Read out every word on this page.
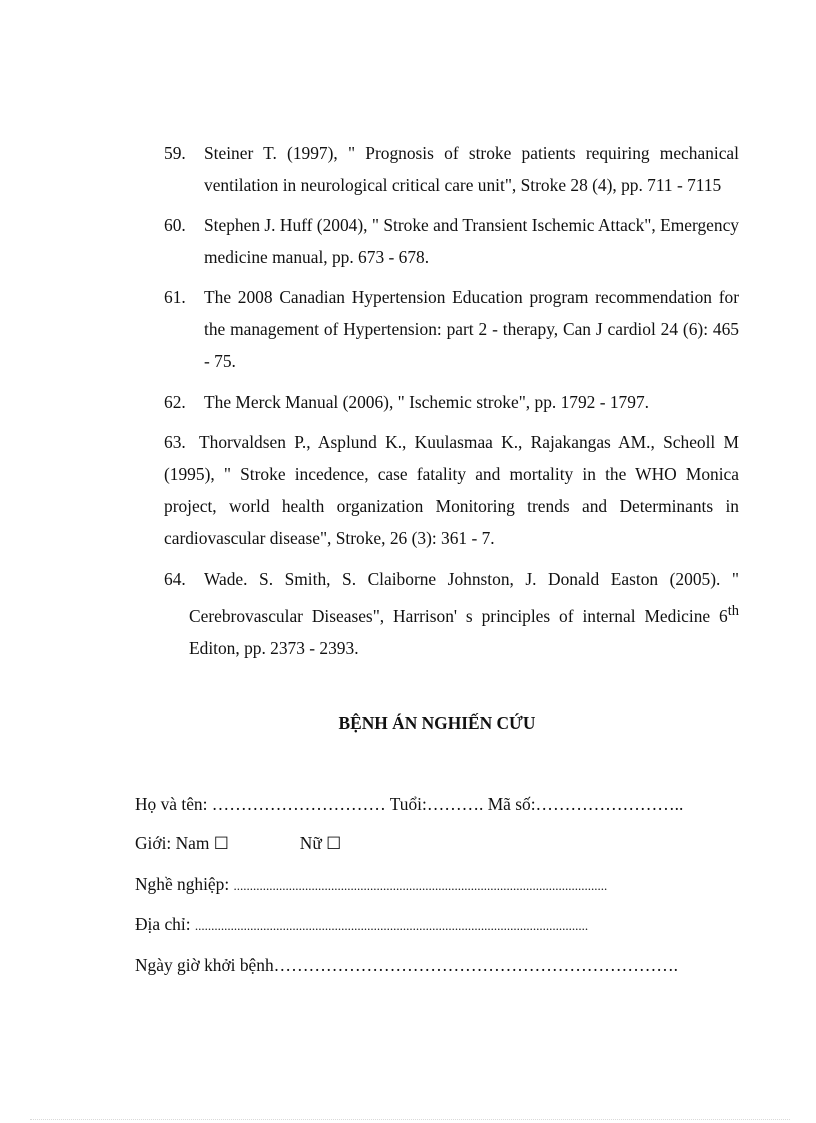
59. Steiner T. (1997), " Prognosis of stroke patients requiring mechanical ventilation in neurological critical care unit", Stroke 28 (4), pp. 711 - 7115
60. Stephen J. Huff (2004), " Stroke and Transient Ischemic Attack", Emergency medicine manual, pp. 673 - 678.
61. The 2008 Canadian Hypertension Education program recommendation for the management of Hypertension: part 2 - therapy, Can J cardiol 24 (6): 465 - 75.
62. The Merck Manual (2006), " Ischemic stroke", pp. 1792 - 1797.
63. Thorvaldsen P., Asplund K., Kuulasmaa K., Rajakangas AM., Scheoll M (1995), " Stroke incedence, case fatality and mortality in the WHO Monica project, world health organization Monitoring trends and Determinants in cardiovascular disease", Stroke, 26 (3): 361 - 7.
64. Wade. S. Smith, S. Claiborne Johnston, J. Donald Easton (2005). " Cerebrovascular Diseases", Harrison' s principles of internal Medicine 6th Editon, pp. 2373 - 2393.
BỆNH ÁN NGHIẾN CỨU
Họ và tên: ………………………… Tuổi:………. Mã số:……………………..
Giới: Nam ☐	Nữ ☐
Nghề nghiệp: ...................................................................................................................
Địa chỉ: .........................................................................................................................
Ngày giờ khởi bệnh…………………………………………………………….
